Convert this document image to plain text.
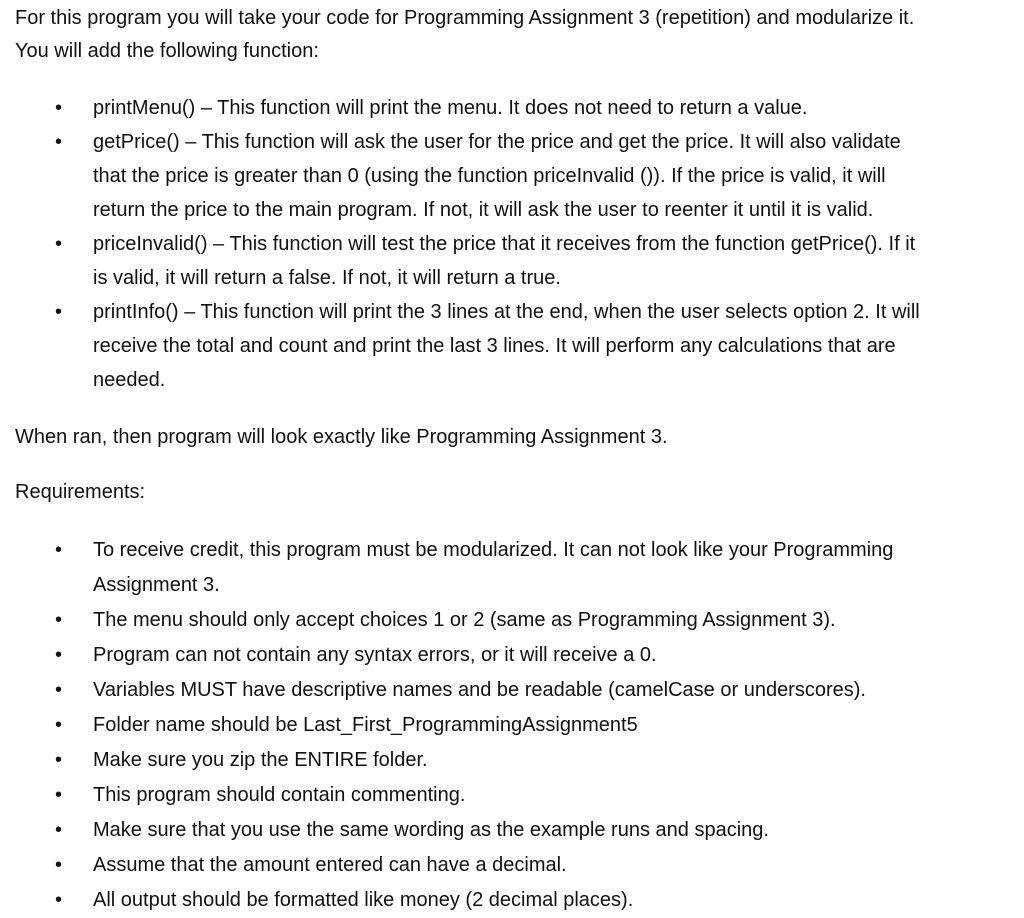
For this program you will take your code for Programming Assignment 3 (repetition) and modularize it.

You will add the following function:

• printMenu() – This function will print the menu. It does not need to return a value.
• getPrice() – This function will ask the user for the price and get the price. It will also validate
that the price is greater than 0 (using the function priceInvalid ()). If the price is valid, it will
return the price to the main program. If not, it will ask the user to reenter it until it is valid.
• priceInvalid() – This function will test the price that it receives from the function getPrice(). If it
is valid, it will return a false. If not, it will return a true.
• printInfo() – This function will print the 3 lines at the end, when the user selects option 2. It will
receive the total and count and print the last 3 lines. It will perform any calculations that are
needed.

When ran, then program will look exactly like Programming Assignment 3.

Requirements:

• To receive credit, this program must be modularized. It can not look like your Programming
Assignment 3.
• The menu should only accept choices 1 or 2 (same as Programming Assignment 3).
• Program can not contain any syntax errors, or it will receive a 0.
• Variables MUST have descriptive names and be readable (camelCase or underscores).
• Folder name should be Last_First_ProgrammingAssignment5
• Make sure you zip the ENTIRE folder.
• This program should contain commenting.
• Make sure that you use the same wording as the example runs and spacing.
• Assume that the amount entered can have a decimal.
• All output should be formatted like money (2 decimal places).
